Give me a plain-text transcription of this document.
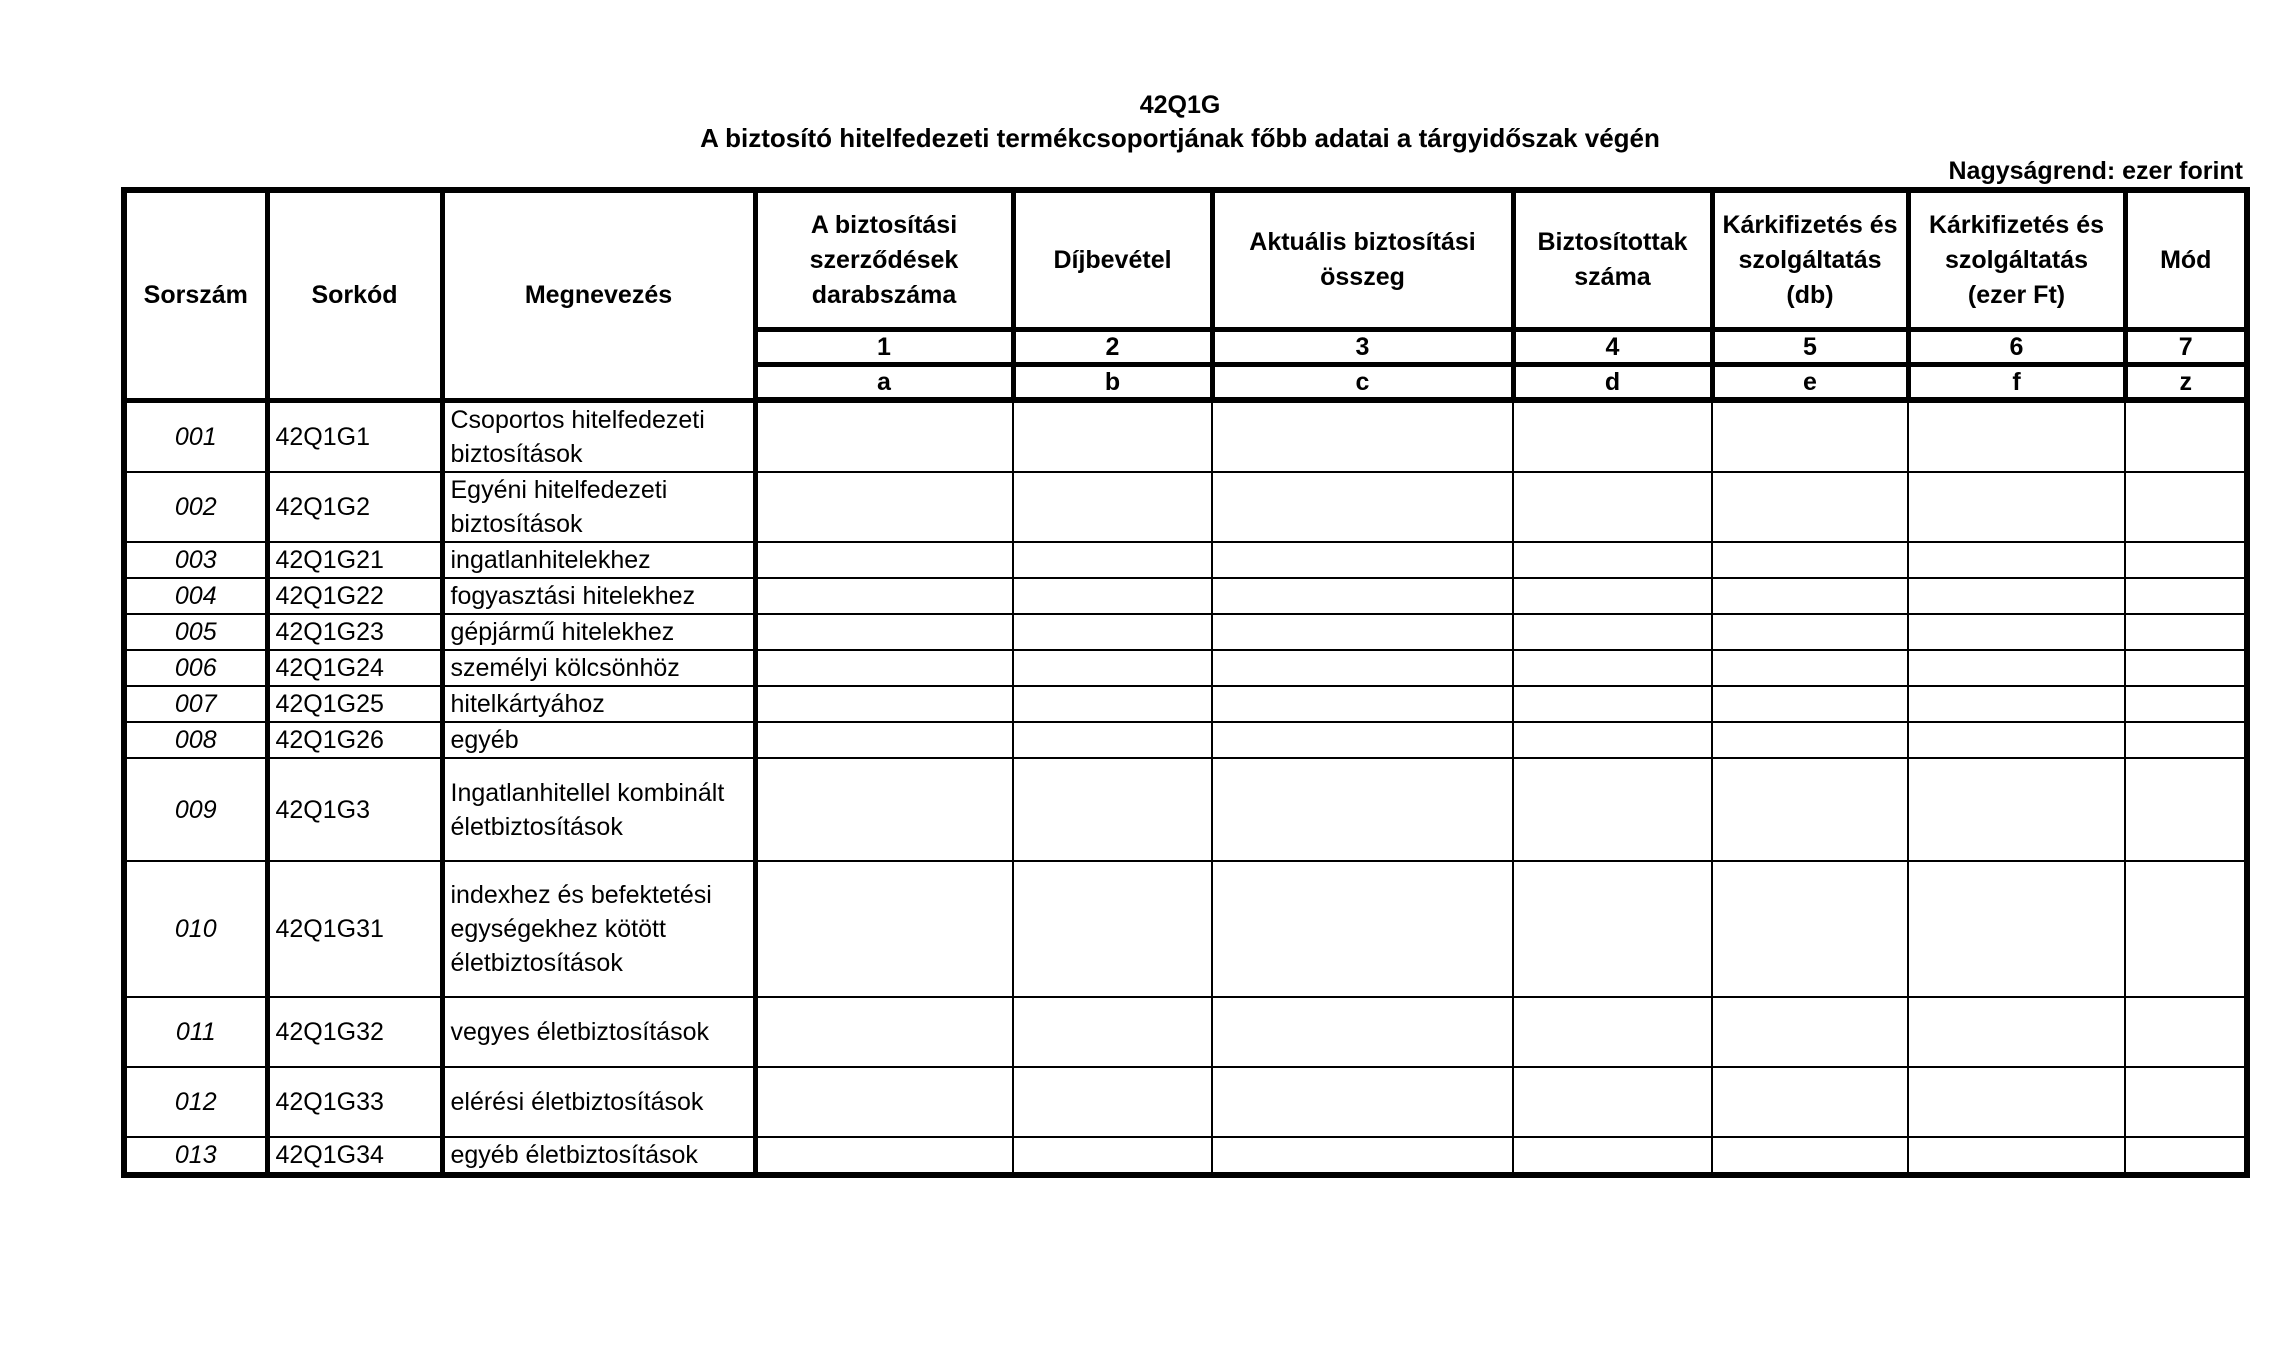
42Q1G
A biztosító hitelfedezeti termékcsoportjának főbb adatai a tárgyidőszak végén
Nagyságrend: ezer forint
Sorszám	Sorkód	Megnevezés	A biztosítási szerződések darabszáma	Díjbevétel	Aktuális biztosítási összeg	Biztosítottak száma	Kárkifizetés és szolgáltatás (db)	Kárkifizetés és szolgáltatás (ezer Ft)	Mód
			1	2	3	4	5	6	7
			a	b	c	d	e	f	z
001	42Q1G1	Csoportos hitelfedezeti biztosítások							
002	42Q1G2	Egyéni hitelfedezeti biztosítások							
003	42Q1G21	ingatlanhitelekhez							
004	42Q1G22	fogyasztási hitelekhez							
005	42Q1G23	gépjármű hitelekhez							
006	42Q1G24	személyi kölcsönhöz							
007	42Q1G25	hitelkártyához							
008	42Q1G26	egyéb							
009	42Q1G3	Ingatlanhitellel kombinált életbiztosítások							
010	42Q1G31	indexhez és befektetési egységekhez kötött életbiztosítások							
011	42Q1G32	vegyes életbiztosítások							
012	42Q1G33	elérési életbiztosítások							
013	42Q1G34	egyéb életbiztosítások							
